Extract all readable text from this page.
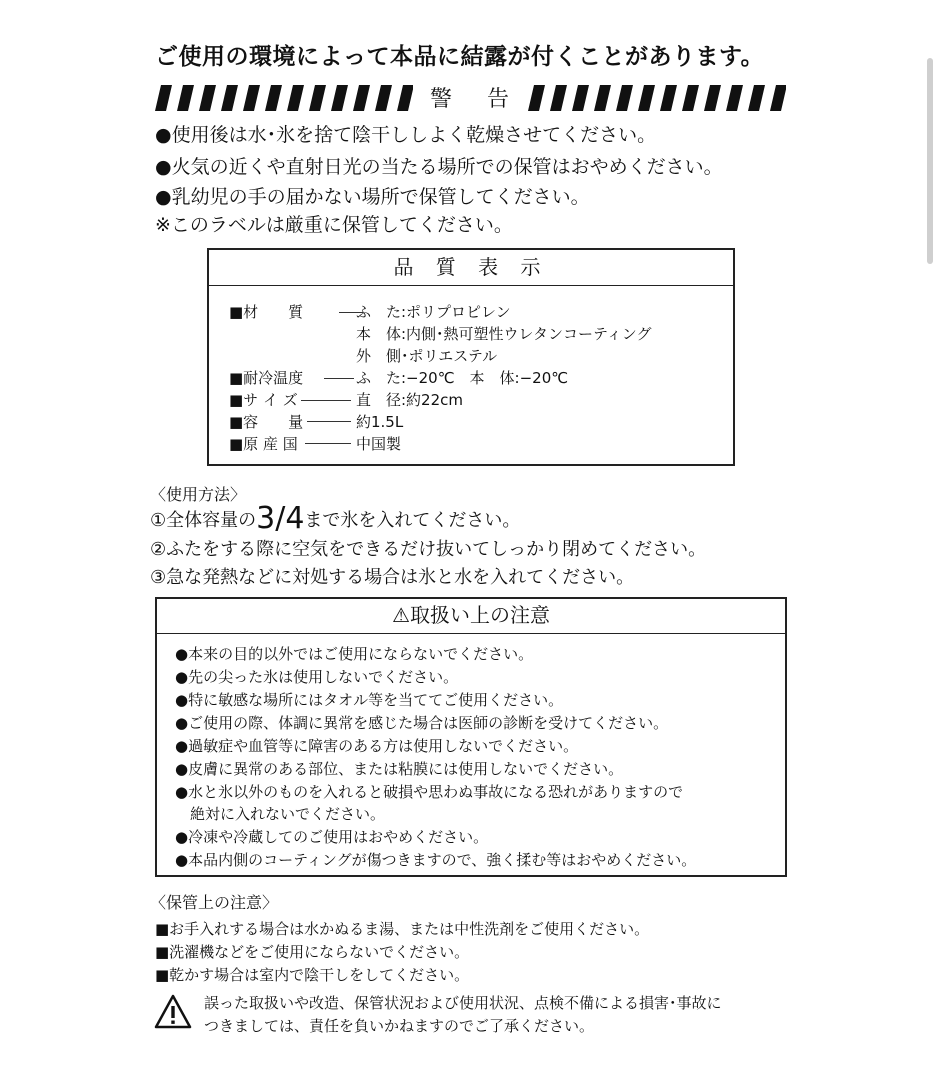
ご使用の環境によって本品に結露が付くことがあります。
警 告
●使用後は水･氷を捨て陰干ししよく乾燥させてください。
●火気の近くや直射日光の当たる場所での保管はおやめください。
●乳幼児の手の届かない場所で保管してください。
※このラベルは厳重に保管してください。
品 質 表 示
■材　　質	ふ　た:ポリプロピレン
本　体:内側･熱可塑性ウレタンコーティング
外　側･ポリエステル
■耐冷温度	ふ　た:−20℃　本　体:−20℃
■サ イ ズ	直　径:約22cm
■容　　量	約1.5L
■原 産 国	中国製
〈使用方法〉
①全体容量の3/4まで氷を入れてください。
②ふたをする際に空気をできるだけ抜いてしっかり閉めてください。
③急な発熱などに対処する場合は氷と水を入れてください。
⚠取扱い上の注意
●本来の目的以外ではご使用にならないでください。
●先の尖った氷は使用しないでください。
●特に敏感な場所にはタオル等を当ててご使用ください。
●ご使用の際、体調に異常を感じた場合は医師の診断を受けてください。
●過敏症や血管等に障害のある方は使用しないでください。
●皮膚に異常のある部位、または粘膜には使用しないでください。
●水と氷以外のものを入れると破損や思わぬ事故になる恐れがありますので
　絶対に入れないでください。
●冷凍や冷蔵してのご使用はおやめください。
●本品内側のコーティングが傷つきますので、強く揉む等はおやめください。
〈保管上の注意〉
■お手入れする場合は水かぬるま湯、または中性洗剤をご使用ください。
■洗濯機などをご使用にならないでください。
■乾かす場合は室内で陰干しをしてください。
誤った取扱いや改造、保管状況および使用状況、点検不備による損害･事故に
つきましては、責任を負いかねますのでご了承ください。
